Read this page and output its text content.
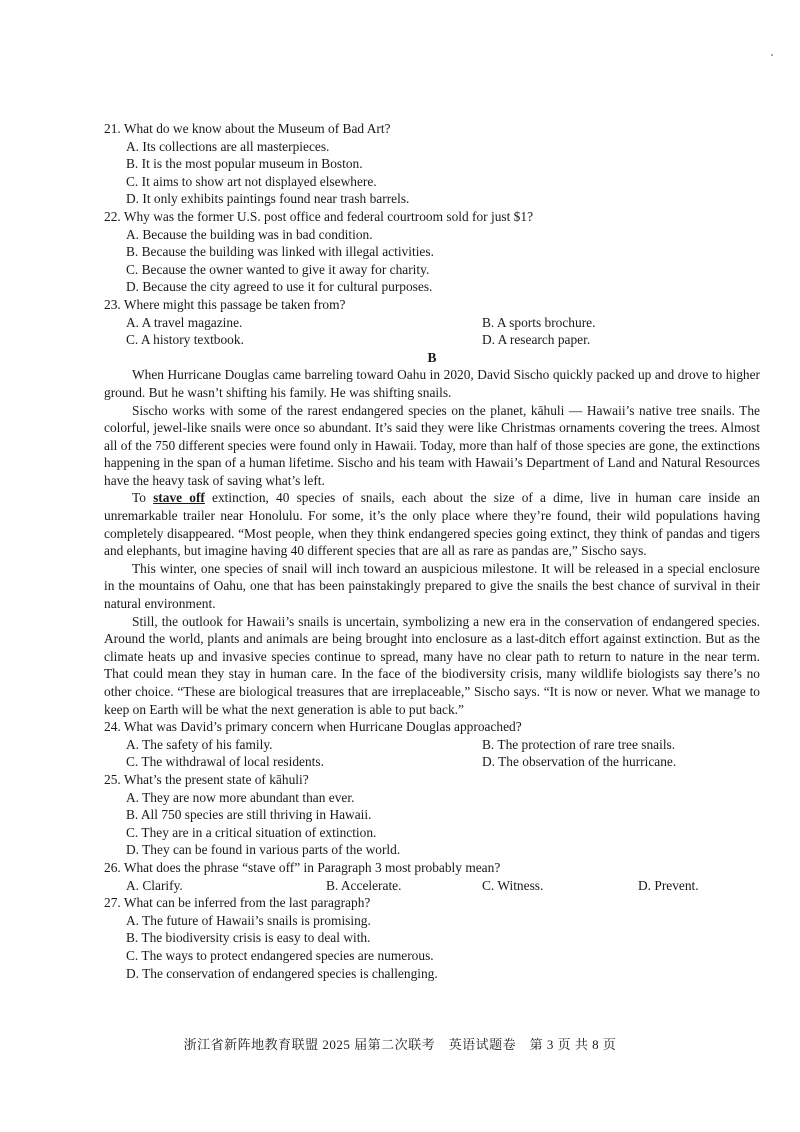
21. What do we know about the Museum of Bad Art?

A. Its collections are all masterpieces.

B. It is the most popular museum in Boston.

C. It aims to show art not displayed elsewhere.

D. It only exhibits paintings found near trash barrels.

22. Why was the former U.S. post office and federal courtroom sold for just $1?

A. Because the building was in bad condition.

B. Because the building was linked with illegal activities.

C. Because the owner wanted to give it away for charity.

D. Because the city agreed to use it for cultural purposes.

23. Where might this passage be taken from?

A. A travel magazine.	B. A sports brochure.
C. A history textbook.	D. A research paper.

B

When Hurricane Douglas came barreling toward Oahu in 2020, David Sischo quickly packed up and drove to higher ground. But he wasn’t shifting his family. He was shifting snails.

Sischo works with some of the rarest endangered species on the planet, kāhuli — Hawaii’s native tree snails. The colorful, jewel-like snails were once so abundant. It’s said they were like Christmas ornaments covering the trees. Almost all of the 750 different species were found only in Hawaii. Today, more than half of those species are gone, the extinctions happening in the span of a human lifetime. Sischo and his team with Hawaii’s Department of Land and Natural Resources have the heavy task of saving what’s left.

To stave off extinction, 40 species of snails, each about the size of a dime, live in human care inside an unremarkable trailer near Honolulu. For some, it’s the only place where they’re found, their wild populations having completely disappeared. “Most people, when they think endangered species going extinct, they think of pandas and tigers and elephants, but imagine having 40 different species that are all as rare as pandas are,” Sischo says.

This winter, one species of snail will inch toward an auspicious milestone. It will be released in a special enclosure in the mountains of Oahu, one that has been painstakingly prepared to give the snails the best chance of survival in their natural environment.

Still, the outlook for Hawaii’s snails is uncertain, symbolizing a new era in the conservation of endangered species. Around the world, plants and animals are being brought into enclosure as a last-ditch effort against extinction. But as the climate heats up and invasive species continue to spread, many have no clear path to return to nature in the near term. That could mean they stay in human care. In the face of the biodiversity crisis, many wildlife biologists say there’s no other choice. “These are biological treasures that are irreplaceable,” Sischo says. “It is now or never. What we manage to keep on Earth will be what the next generation is able to put back.”

24. What was David’s primary concern when Hurricane Douglas approached?

A. The safety of his family.	B. The protection of rare tree snails.
C. The withdrawal of local residents.	D. The observation of the hurricane.

25. What’s the present state of kāhuli?

A. They are now more abundant than ever.

B. All 750 species are still thriving in Hawaii.

C. They are in a critical situation of extinction.

D. They can be found in various parts of the world.

26. What does the phrase “stave off” in Paragraph 3 most probably mean?

A. Clarify.	B. Accelerate.	C. Witness.	D. Prevent.

27. What can be inferred from the last paragraph?

A. The future of Hawaii’s snails is promising.

B. The biodiversity crisis is easy to deal with.

C. The ways to protect endangered species are numerous.

D. The conservation of endangered species is challenging.

浙江省新阵地教育联盟 2025 届第二次联考　英语试题卷　第 3 页 共 8 页
